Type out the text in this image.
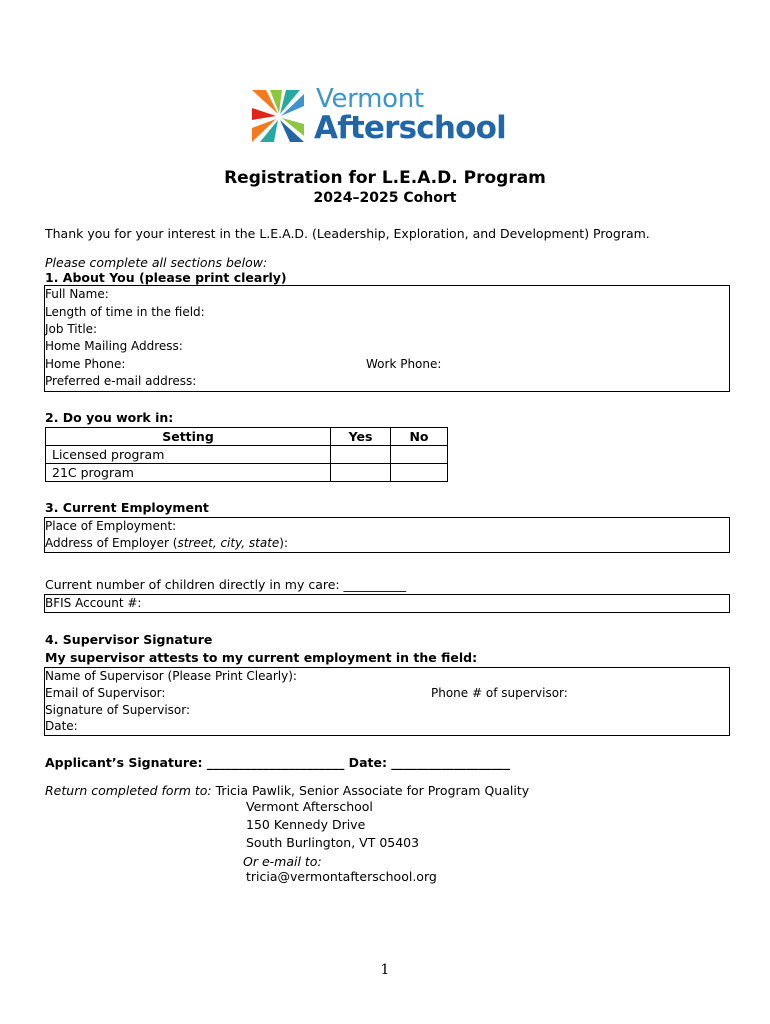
Vermont
Afterschool
Registration for L.E.A.D. Program
2024–2025 Cohort
Thank you for your interest in the L.E.A.D. (Leadership, Exploration, and Development) Program.
Please complete all sections below:
1. About You (please print clearly)
Full Name:
Length of time in the field:
Job Title:
Home Mailing Address:
Home Phone:	Work Phone:
Preferred e-mail address:
2. Do you work in:
Setting	Yes	No
Licensed program		
21C program		
3. Current Employment
Place of Employment:
Address of Employer (street, city, state):
Current number of children directly in my care: __________
BFIS Account #:
4. Supervisor Signature
My supervisor attests to my current employment in the field:
Name of Supervisor (Please Print Clearly):
Email of Supervisor:	Phone # of supervisor:
Signature of Supervisor:
Date:
Applicant’s Signature: ______________________ Date: ___________________
Return completed form to: Tricia Pawlik, Senior Associate for Program Quality
Vermont Afterschool
150 Kennedy Drive
South Burlington, VT 05403
Or e-mail to:
tricia@vermontafterschool.org
1
